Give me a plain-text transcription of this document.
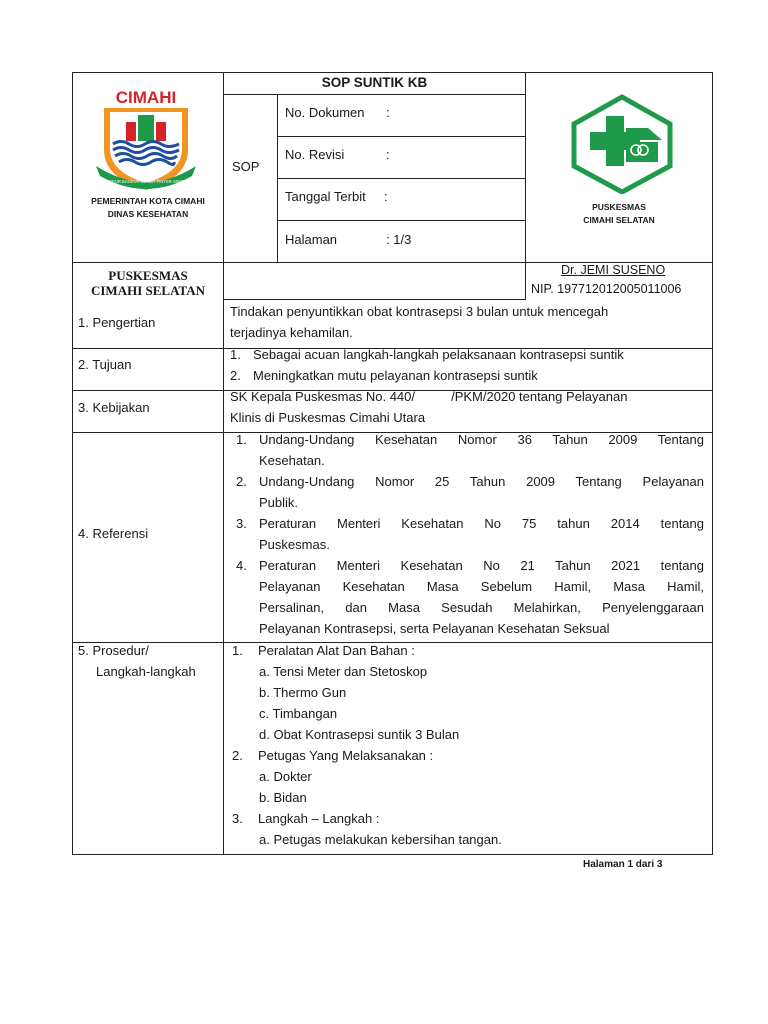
CIMAHI
CAGEUR BAGEUR BENER PINTER SINGER
PEMERINTAH KOTA CIMAHI
DINAS KESEHATAN
SOP SUNTIK KB
SOP
No. Dokumen :
No. Revisi	:
Tanggal Terbit :
Halaman	: 1/3
PUSKESMAS
CIMAHI SELATAN
PUSKESMAS
CIMAHI SELATAN
Dr. JEMI SUSENO
NIP. 197712012005011006
1. Pengertian
Tindakan penyuntikkan obat kontrasepsi 3 bulan untuk mencegah
terjadinya kehamilan.
2. Tujuan
1. Sebagai acuan langkah-langkah pelaksanaan kontrasepsi suntik
2. Meningkatkan mutu pelayanan kontrasepsi suntik
3. Kebijakan
SK Kepala Puskesmas No. 440/          /PKM/2020 tentang Pelayanan
Klinis di Puskesmas Cimahi Utara
4. Referensi
1. Undang-Undang Kesehatan Nomor 36 Tahun 2009 Tentang
Kesehatan.
2. Undang-Undang Nomor 25 Tahun 2009 Tentang Pelayanan
Publik.
3. Peraturan Menteri Kesehatan No 75 tahun 2014 tentang
Puskesmas.
4. Peraturan Menteri Kesehatan No 21 Tahun 2021 tentang
Pelayanan Kesehatan Masa Sebelum Hamil, Masa Hamil,
Persalinan, dan Masa Sesudah Melahirkan, Penyelenggaraan
Pelayanan Kontrasepsi, serta Pelayanan Kesehatan Seksual
5. Prosedur/
Langkah-langkah
1. Peralatan Alat Dan Bahan :
a. Tensi Meter dan Stetoskop
b. Thermo Gun
c. Timbangan
d. Obat Kontrasepsi suntik 3 Bulan
2. Petugas Yang Melaksanakan :
a. Dokter
b. Bidan
3. Langkah – Langkah :
a. Petugas melakukan kebersihan tangan.
Halaman 1 dari 3
